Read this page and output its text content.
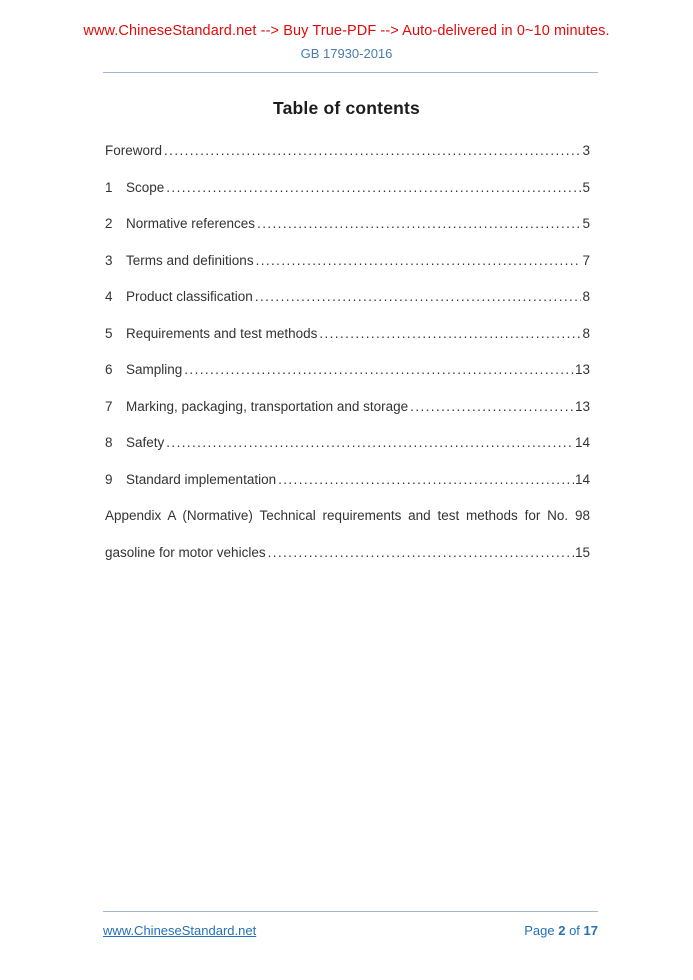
www.ChineseStandard.net --> Buy True-PDF --> Auto-delivered in 0~10 minutes.
GB 17930-2016
Table of contents
Foreword .....	3
1 Scope .....	5
2 Normative references .....	5
3 Terms and definitions .....	7
4 Product classification .....	8
5 Requirements and test methods .....	8
6 Sampling .....	13
7 Marking, packaging, transportation and storage .....	13
8 Safety .....	14
9 Standard implementation .....	14
Appendix A (Normative) Technical requirements and test methods for No. 98
gasoline for motor vehicles .....	15
www.ChineseStandard.net	Page 2 of 17
